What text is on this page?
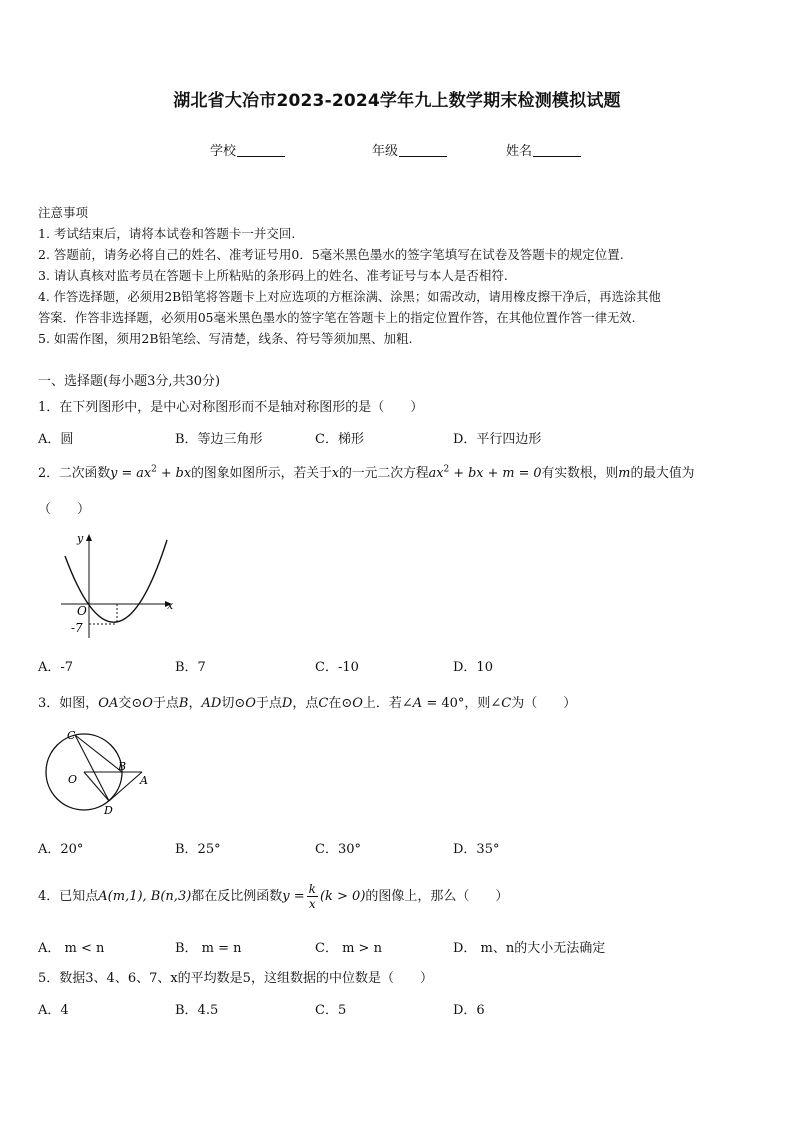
湖北省大冶市2023-2024学年九上数学期末检测模拟试题
学校	年级	姓名
注意事项
1. 考试结束后，请将本试卷和答题卡一并交回.
2. 答题前，请务必将自己的姓名、准考证号用0．5毫米黑色墨水的签字笔填写在试卷及答题卡的规定位置.
3. 请认真核对监考员在答题卡上所粘贴的条形码上的姓名、准考证号与本人是否相符.
4. 作答选择题，必须用2B铅笔将答题卡上对应选项的方框涂满、涂黑；如需改动，请用橡皮擦干净后，再选涂其他
答案．作答非选择题，必须用05毫米黑色墨水的签字笔在答题卡上的指定位置作答，在其他位置作答一律无效.
5. 如需作图，须用2B铅笔绘、写清楚，线条、符号等须加黑、加粗.
一、选择题(每小题3分,共30分)
1．在下列图形中，是中心对称图形而不是轴对称图形的是（　　）
A．圆	B．等边三角形	C．梯形	D．平行四边形
2．二次函数$y = ax^2$ + bx的图象如图所示，若关于x的一元二次方程$ax^2$ + bx + m = 0有实数根，则m的最大值为
（　　）
y
x
O
-7
A．-7	B．7	C．-10	D．10
3．如图，OA交⊙O于点B，AD切⊙O于点D，点C在⊙O上．若∠A = 40°，则∠C为（　　）
C
O
B
A
D
A．20°	B．25°	C．30°	D．35°
4．已知点A(m,1), B(n,3)都在反比例函数$y = \frac{k}{x} (k > 0)$的图像上，那么（　　）
A． m < n	B． m = n	C． m > n	D． m、n的大小无法确定
5．数据3、4、6、7、x的平均数是5，这组数据的中位数是（　　）
A．4	B．4.5	C．5	D．6
